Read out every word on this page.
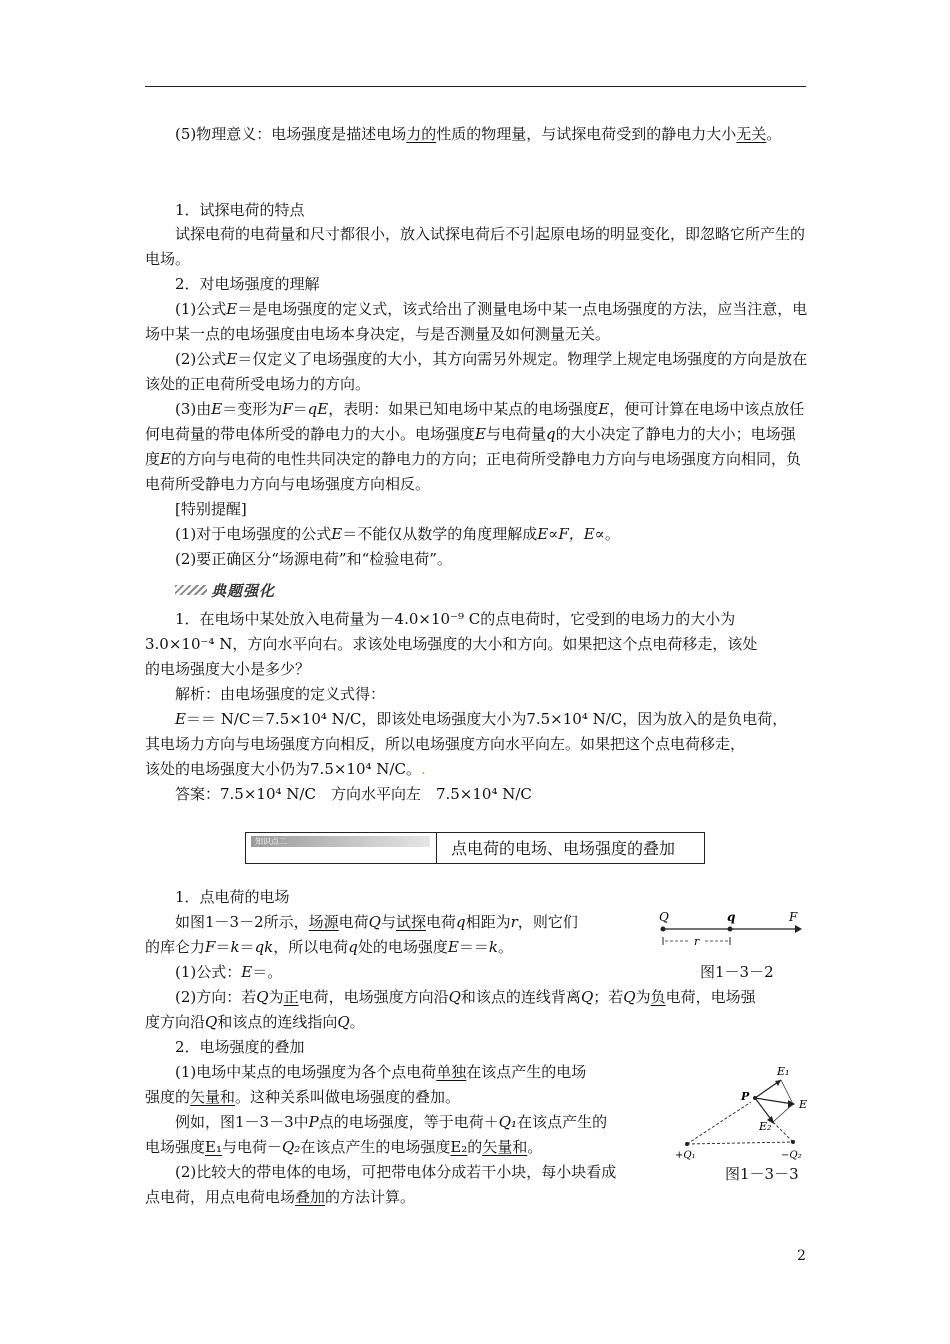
(5)物理意义：电场强度是描述电场力的性质的物理量，与试探电荷受到的静电力大小无关。

1．试探电荷的特点

试探电荷的电荷量和尺寸都很小，放入试探电荷后不引起原电场的明显变化，即忽略它所产生的电场。

2．对电场强度的理解

(1)公式E＝是电场强度的定义式，该式给出了测量电场中某一点电场强度的方法，应当注意，电场中某一点的电场强度由电场本身决定，与是否测量及如何测量无关。

(2)公式E＝仅定义了电场强度的大小，其方向需另外规定。物理学上规定电场强度的方向是放在该处的正电荷所受电场力的方向。

(3)由E＝变形为F＝qE，表明：如果已知电场中某点的电场强度E，便可计算在电场中该点放任何电荷量的带电体所受的静电力的大小。电场强度E与电荷量q的大小决定了静电力的大小；电场强度E的方向与电荷的电性共同决定的静电力的方向；正电荷所受静电力方向与电场强度方向相同，负电荷所受静电力方向与电场强度方向相反。

[特别提醒]
(1)对于电场强度的公式E＝不能仅从数学的角度理解成E∝F，E∝。
(2)要正确区分“场源电荷”和“检验电荷”。
典题强化
1．在电场中某处放入电荷量为－4.0×10⁻⁹ C的点电荷时，它受到的电场力的大小为
3.0×10⁻⁴ N，方向水平向右。求该处电场强度的大小和方向。如果把这个点电荷移走，该处
的电场强度大小是多少？
解析：由电场强度的定义式得：
E＝＝ N/C＝7.5×10⁴ N/C，即该处电场强度大小为7.5×10⁴ N/C，因为放入的是负电荷，
其电场力方向与电场强度方向相反，所以电场强度方向水平向左。如果把这个点电荷移走，
该处的电场强度大小仍为7.5×10⁴ N/C。.
答案：7.5×10⁴ N/C　方向水平向左　7.5×10⁴ N/C
知识点二	点电荷的电场、电场强度的叠加
1．点电荷的电场
如图1－3－2所示，场源电荷Q与试探电荷q相距为r，则它们
的库仑力F＝k＝qk，所以电荷q处的电场强度E＝＝k。
(1)公式：E＝。
(2)方向：若Q为正电荷，电场强度方向沿Q和该点的连线背离Q；若Q为负电荷，电场强
度方向沿Q和该点的连线指向Q。
2．电场强度的叠加
(1)电场中某点的电场强度为各个点电荷单独在该点产生的电场
强度的矢量和。这种关系叫做电场强度的叠加。
例如，图1－3－3中P点的电场强度，等于电荷＋Q₁在该点产生的
电场强度E₁与电荷－Q₂在该点产生的电场强度E₂的矢量和。
(2)比较大的带电体的电场，可把带电体分成若干小块，每小块看成
点电荷，用点电荷电场叠加的方法计算。
Q	q	F
r
图1－3－2
E₁
E
E₂
P
+Q₁	−Q₂
图1－3－3
2
